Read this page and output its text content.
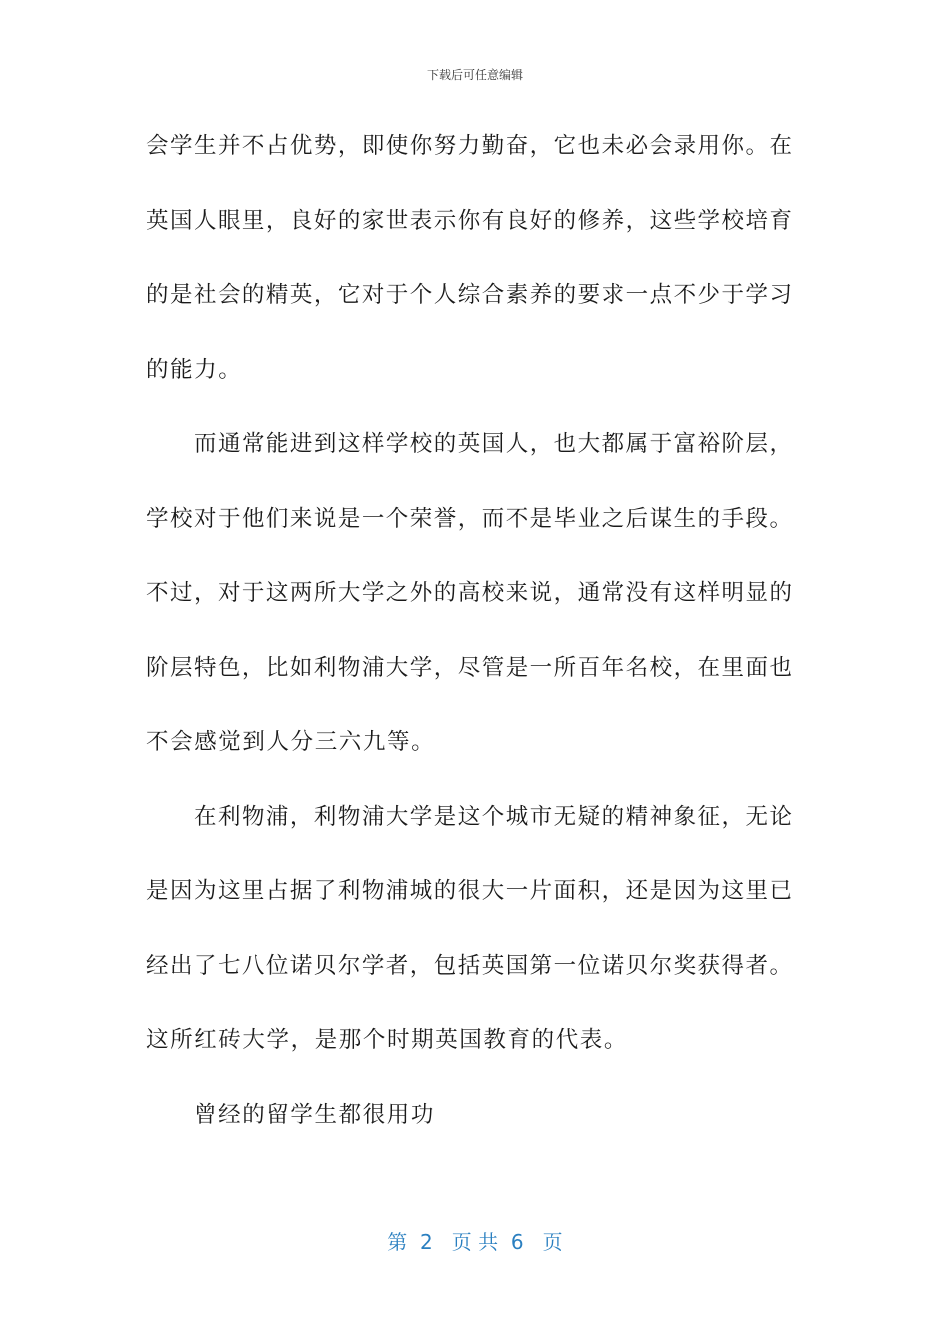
下载后可任意编辑
会学生并不占优势，即使你努力勤奋，它也未必会录用你。在
英国人眼里，良好的家世表示你有良好的修养，这些学校培育
的是社会的精英，它对于个人综合素养的要求一点不少于学习
的能力。
而通常能进到这样学校的英国人，也大都属于富裕阶层，
学校对于他们来说是一个荣誉，而不是毕业之后谋生的手段。
不过，对于这两所大学之外的高校来说，通常没有这样明显的
阶层特色，比如利物浦大学，尽管是一所百年名校，在里面也
不会感觉到人分三六九等。
在利物浦，利物浦大学是这个城市无疑的精神象征，无论
是因为这里占据了利物浦城的很大一片面积，还是因为这里已
经出了七八位诺贝尔学者，包括英国第一位诺贝尔奖获得者。
这所红砖大学，是那个时期英国教育的代表。
曾经的留学生都很用功
第  2   页 共  6   页
